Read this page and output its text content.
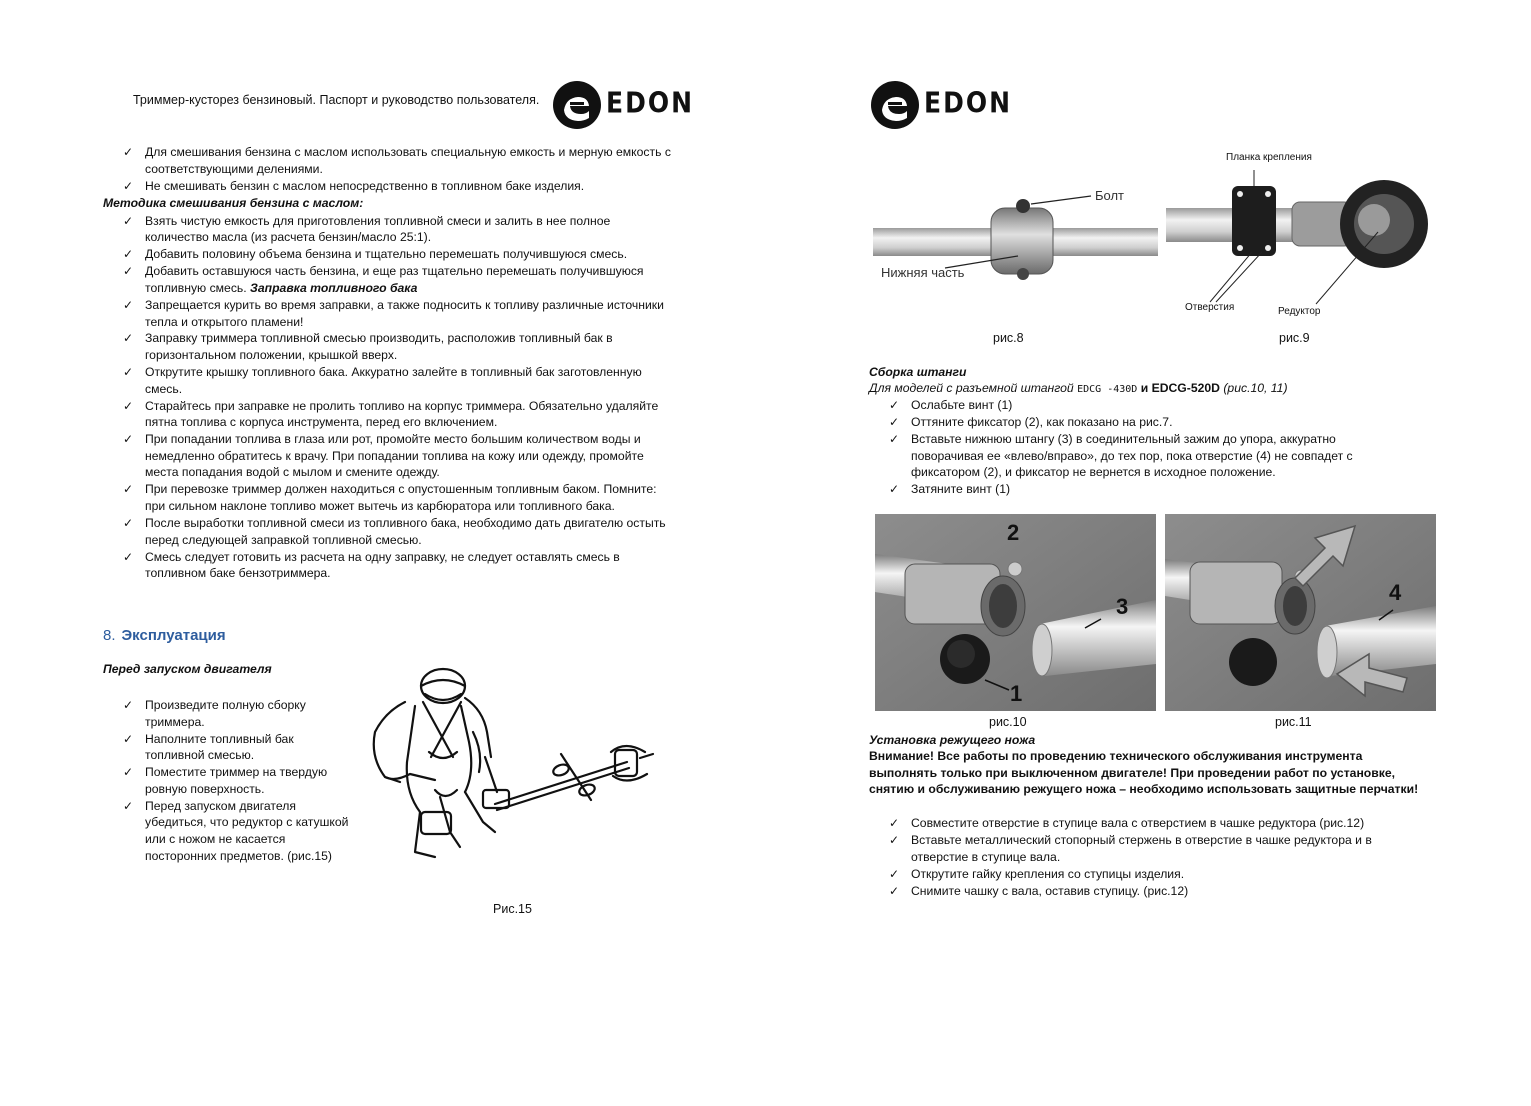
Триммер-кусторез бензиновый. Паспорт и руководство пользователя.	EDON
✓ Для смешивания бензина с маслом использовать специальную емкость и мерную емкость с соответствующими делениями.
✓ Не смешивать бензин с маслом непосредственно в топливном баке изделия.
Методика смешивания бензина с маслом:
✓ Взять чистую емкость для приготовления топливной смеси и залить в нее полное количество масла (из расчета бензин/масло 25:1).
✓ Добавить половину объема бензина и тщательно перемешать получившуюся смесь.
✓ Добавить оставшуюся часть бензина, и еще раз тщательно перемешать получившуюся топливную смесь. Заправка топливного бака
✓ Запрещается курить во время заправки, а также подносить к топливу различные источники тепла и открытого пламени!
✓ Заправку триммера топливной смесью производить, расположив топливный бак в горизонтальном положении, крышкой вверх.
✓ Открутите крышку топливного бака. Аккуратно залейте в топливный бак заготовленную смесь.
✓ Старайтесь при заправке не пролить топливо на корпус триммера. Обязательно удаляйте пятна топлива с корпуса инструмента, перед его включением.
✓ При попадании топлива в глаза или рот, промойте место большим количеством воды и немедленно обратитесь к врачу. При попадании топлива на кожу или одежду, промойте места попадания водой с мылом и смените одежду.
✓ При перевозке триммер должен находиться с опустошенным топливным баком. Помните: при сильном наклоне топливо может вытечь из карбюратора или топливного бака.
✓ После выработки топливной смеси из топливного бака, необходимо дать двигателю остыть перед следующей заправкой топливной смесью.
✓ Смесь следует готовить из расчета на одну заправку, не следует оставлять смесь в топливном баке бензотриммера.
8. Эксплуатация
Перед запуском двигателя
✓ Произведите полную сборку триммера.
✓ Наполните топливный бак топливной смесью.
✓ Поместите триммер на твердую ровную поверхность.
✓ Перед запуском двигателя убедиться, что редуктор с катушкой или с ножом не касается посторонних предметов. (рис.15)
Рис.15
EDON
Болт
Нижняя часть
рис.8
Планка крепления
Отверстия	Редуктор
рис.9
Сборка штанги
Для моделей с разъемной штангой EDCG -430D и EDCG-520D (рис.10, 11)
✓ Ослабьте винт (1)
✓ Оттяните фиксатор (2), как показано на рис.7.
✓ Вставьте нижнюю штангу (3) в соединительный зажим до упора, аккуратно поворачивая ее «влево/вправо», до тех пор, пока отверстие (4) не совпадет с фиксатором (2), и фиксатор не вернется в исходное положение.
✓ Затяните винт (1)
2
3
1
рис.10
4
рис.11
Установка режущего ножа
Внимание! Все работы по проведению технического обслуживания инструмента выполнять только при выключенном двигателе! При проведении работ по установке, снятию и обслуживанию режущего ножа – необходимо использовать защитные перчатки!
✓ Совместите отверстие в ступице вала с отверстием в чашке редуктора (рис.12)
✓ Вставьте металлический стопорный стержень в отверстие в чашке редуктора и в отверстие в ступице вала.
✓ Открутите гайку крепления со ступицы изделия.
✓ Снимите чашку с вала, оставив ступицу. (рис.12)
